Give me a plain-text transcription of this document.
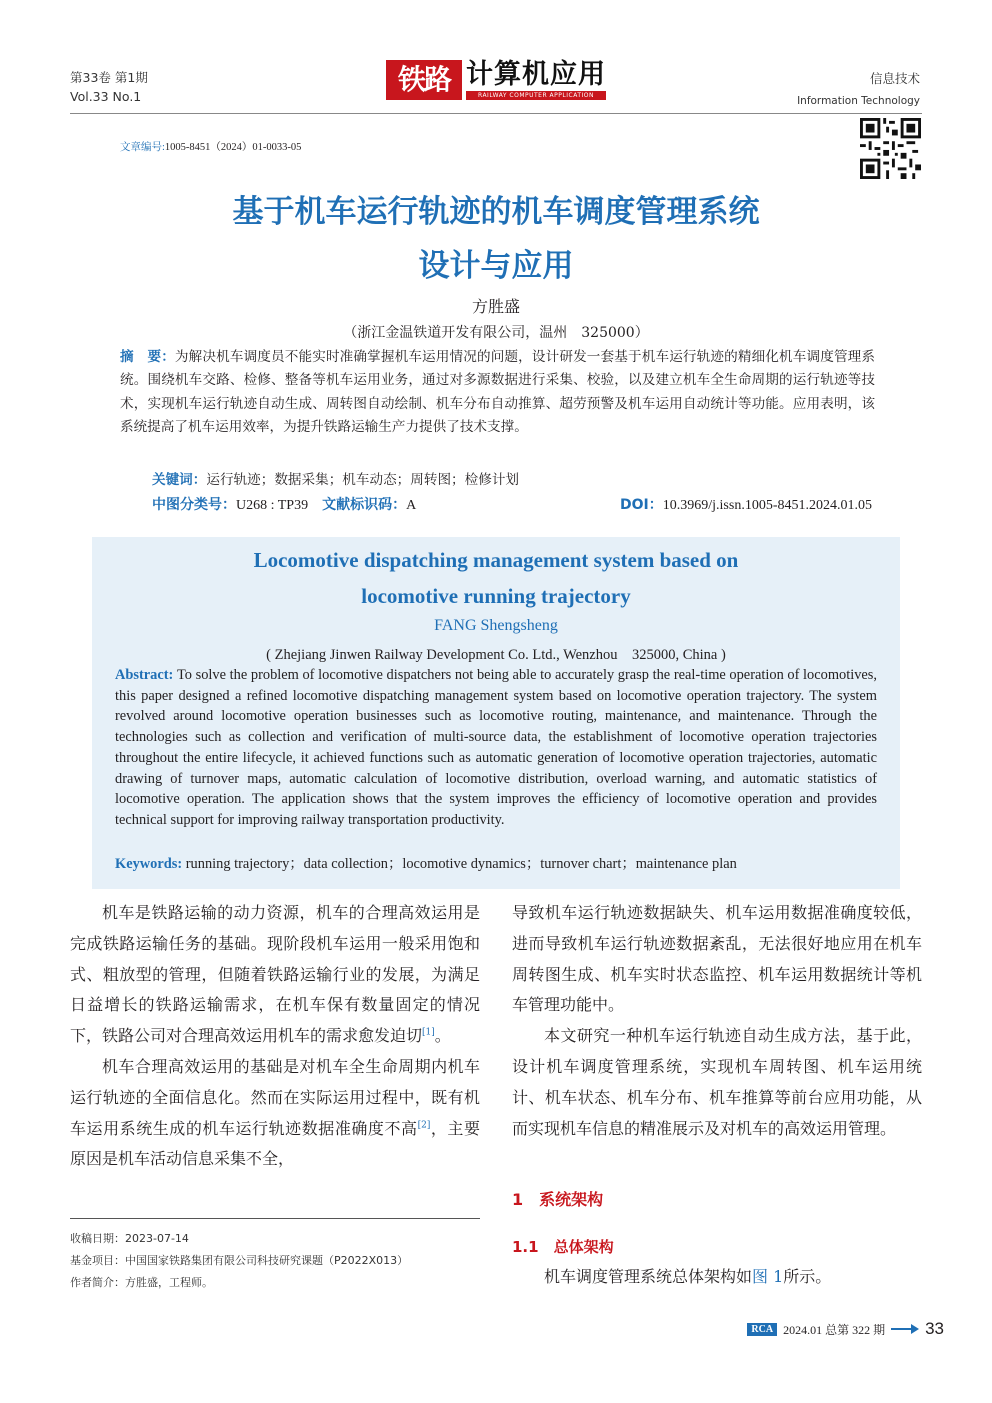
第33卷 第1期
Vol.33 No.1
铁路 计算机应用
RAILWAY COMPUTER APPLICATION
信息技术
Information Technology
文章编号:1005-8451（2024）01-0033-05
基于机车运行轨迹的机车调度管理系统
设计与应用
方胜盛
（浙江金温铁道开发有限公司，温州　325000）
摘　要：为解决机车调度员不能实时准确掌握机车运用情况的问题，设计研发一套基于机车运行轨迹的精细化机车调度管理系统。围绕机车交路、检修、整备等机车运用业务，通过对多源数据进行采集、校验，以及建立机车全生命周期的运行轨迹等技术，实现机车运行轨迹自动生成、周转图自动绘制、机车分布自动推算、超劳预警及机车运用自动统计等功能。应用表明，该系统提高了机车运用效率，为提升铁路运输生产力提供了技术支撑。
关键词：运行轨迹；数据采集；机车动态；周转图；检修计划
中图分类号：U268 : TP39 文献标识码：A	DOI：10.3969/j.issn.1005-8451.2024.01.05
Locomotive dispatching management system based on
locomotive running trajectory
FANG Shengsheng
( Zhejiang Jinwen Railway Development Co. Ltd., Wenzhou　325000, China )
Abstract: To solve the problem of locomotive dispatchers not being able to accurately grasp the real-time operation of locomotives, this paper designed a refined locomotive dispatching management system based on locomotive operation trajectory. The system revolved around locomotive operation businesses such as locomotive routing, maintenance, and maintenance. Through the technologies such as collection and verification of multi-source data, the establishment of locomotive operation trajectories throughout the entire lifecycle, it achieved functions such as automatic generation of locomotive operation trajectories, automatic drawing of turnover maps, automatic calculation of locomotive distribution, overload warning, and automatic statistics of locomotive operation. The application shows that the system improves the efficiency of locomotive operation and provides technical support for improving railway transportation productivity.
Keywords: running trajectory；data collection；locomotive dynamics；turnover chart；maintenance plan

机车是铁路运输的动力资源，机车的合理高效运用是完成铁路运输任务的基础。现阶段机车运用一般采用饱和式、粗放型的管理，但随着铁路运输行业的发展，为满足日益增长的铁路运输需求，在机车保有数量固定的情况下，铁路公司对合理高效运用机车的需求愈发迫切[1]。

机车合理高效运用的基础是对机车全生命周期内机车运行轨迹的全面信息化。然而在实际运用过程中，既有机车运用系统生成的机车运行轨迹数据准确度不高[2]，主要原因是机车活动信息采集不全，

导致机车运行轨迹数据缺失、机车运用数据准确度较低，进而导致机车运行轨迹数据紊乱，无法很好地应用在机车周转图生成、机车实时状态监控、机车运用数据统计等机车管理功能中。

本文研究一种机车运行轨迹自动生成方法，基于此，设计机车调度管理系统，实现机车周转图、机车运用统计、机车状态、机车分布、机车推算等前台应用功能，从而实现机车信息的精准展示及对机车的高效运用管理。

1　系统架构
1.1　总体架构
机车调度管理系统总体架构如图 1所示。
收稿日期：2023-07-14
基金项目：中国国家铁路集团有限公司科技研究课题（P2022X013）
作者简介：方胜盛，工程师。
RCA 2024.01 总第 322 期 33
